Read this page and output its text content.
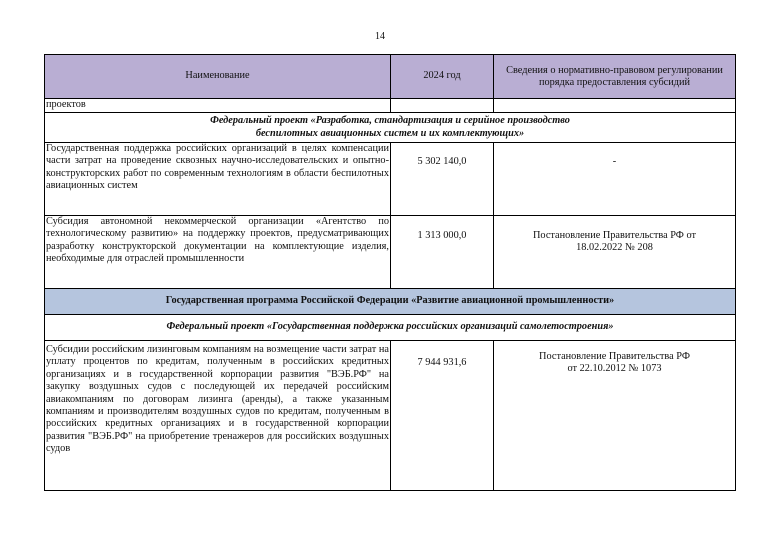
14
Наименование	2024 год	Сведения о нормативно-правовом регулировании порядка предоставления субсидий
проектов		

Федеральный проект «Разработка, стандартизация и серийное производство
беспилотных авиационных систем и их комплектующих»		

Государственная поддержка российских организаций в целях компенсации части затрат на проведение сквозных научно-исследовательских и опытно-конструкторских работ по современным технологиям в области беспилотных авиационных систем	5 302 140,0	-
Субсидия автономной некоммерческой организации «Агентство по технологическому развитию» на поддержку проектов, предусматривающих разработку конструкторской документации на комплектующие изделия, необходимые для отраслей промышленности	1 313 000,0	Постановление Правительства РФ от
18.02.2022 № 208

Государственная программа Российской Федерации «Развитие авиационной промышленности»		
Федеральный проект «Государственная поддержка российских организаций самолетостроения»		
Субсидии российским лизинговым компаниям на возмещение части затрат на уплату процентов по кредитам, полученным в российских кредитных организациях и в государственной корпорации развития "ВЭБ.РФ" на закупку воздушных судов с последующей их передачей российским авиакомпаниям по договорам лизинга (аренды), а также указанным компаниям и производителям воздушных судов по кредитам, полученным в российских кредитных организациях и в государственной корпорации развития "ВЭБ.РФ" на приобретение тренажеров для российских воздушных судов	7 944 931,6	Постановление Правительства РФ
от 22.10.2012 № 1073
